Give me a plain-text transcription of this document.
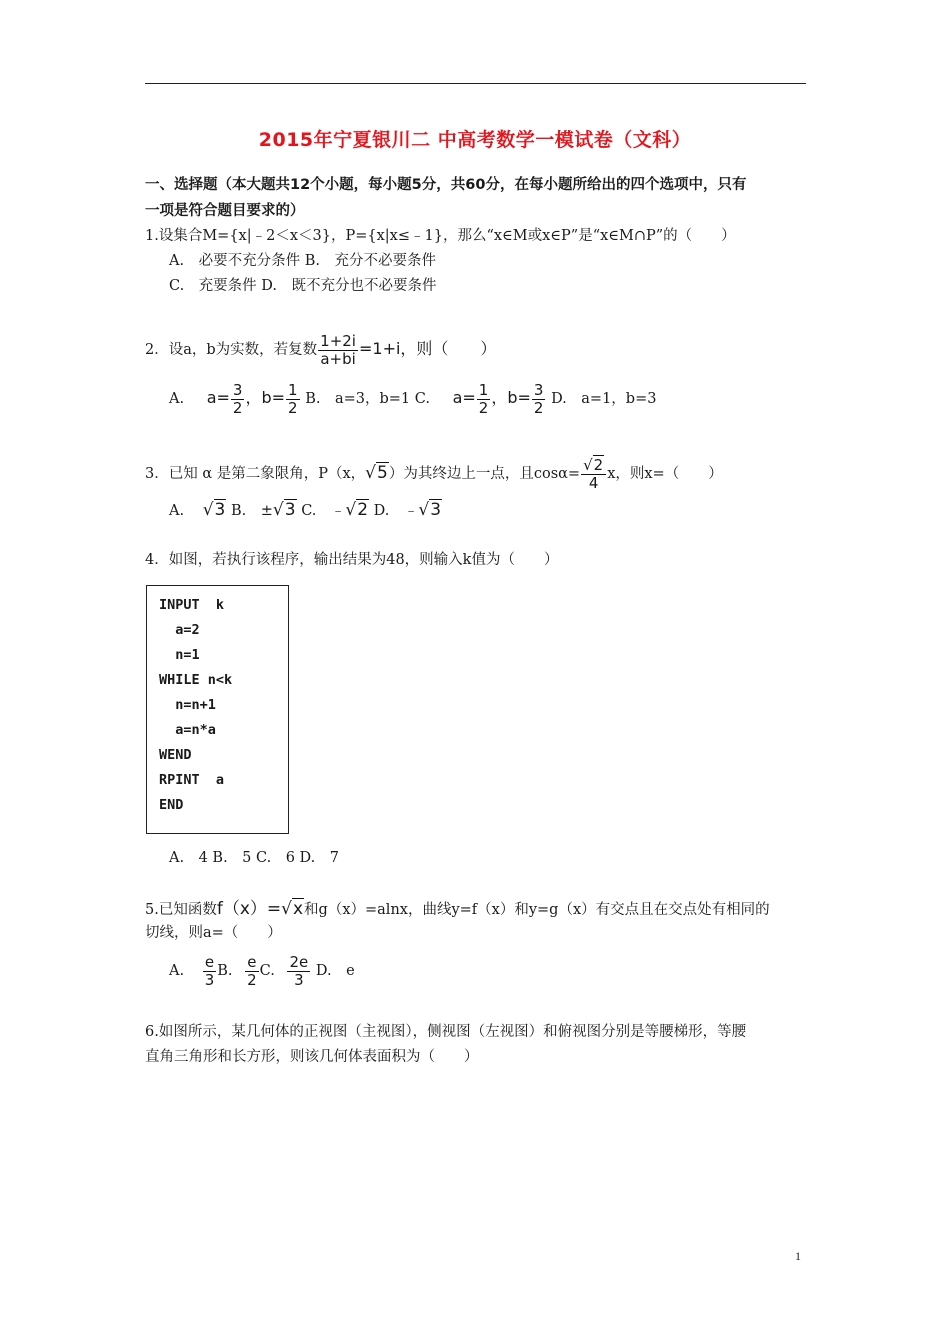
2015年宁夏银川二 中高考数学一模试卷（文科）
一、选择题（本大题共12个小题，每小题5分，共60分，在每小题所给出的四个选项中，只有
一项是符合题目要求的）
1.设集合M={x|﹣2＜x＜3}，P={x|x≤﹣1}，那么“x∈M或x∈P”是“x∈M∩P”的（　　）
A.　必要不充分条件 B.　充分不必要条件
C.　充要条件 D.　既不充分也不必要条件
2．设a，b为实数，若复数 $\frac{1+2i}{a+bi} =1+i$，则（　　）
A. $a= \frac{3}{2}$ ，$b= \frac{1}{2} B$.　a=3，b=1 C. $a= \frac{1}{2}$ ，$b= \frac{3}{2} D$.　a=1，b=3
3．已知 α 是第二象限角，P（x，√5）为其终边上一点，且$\cos\alpha= \frac{√2}{4}$ x，则x=（　　）
A. √3 B.　±√3 C.　﹣√2 D.　﹣√3
4．如图，若执行该程序，输出结果为48，则输入k值为（　　）
INPUT  k
a=2
n=1
WHILE n<k
n=n+1
a=n*a
WEND
RPINT  a
END
A.　4 B.　5 C.　6 D.　7
5.已知函数f（x）=√x和g（x）=alnx，曲线y=f（x）和y=g（x）有交点且在交点处有相同的
切线，则a=（　　）
A. $\frac{e}{3} B$. $\frac{e}{2} C$. $\frac{2e}{3} D$.　e
6.如图所示，某几何体的正视图（主视图），侧视图（左视图）和俯视图分别是等腰梯形，等腰
直角三角形和长方形，则该几何体表面积为（　　）
1
